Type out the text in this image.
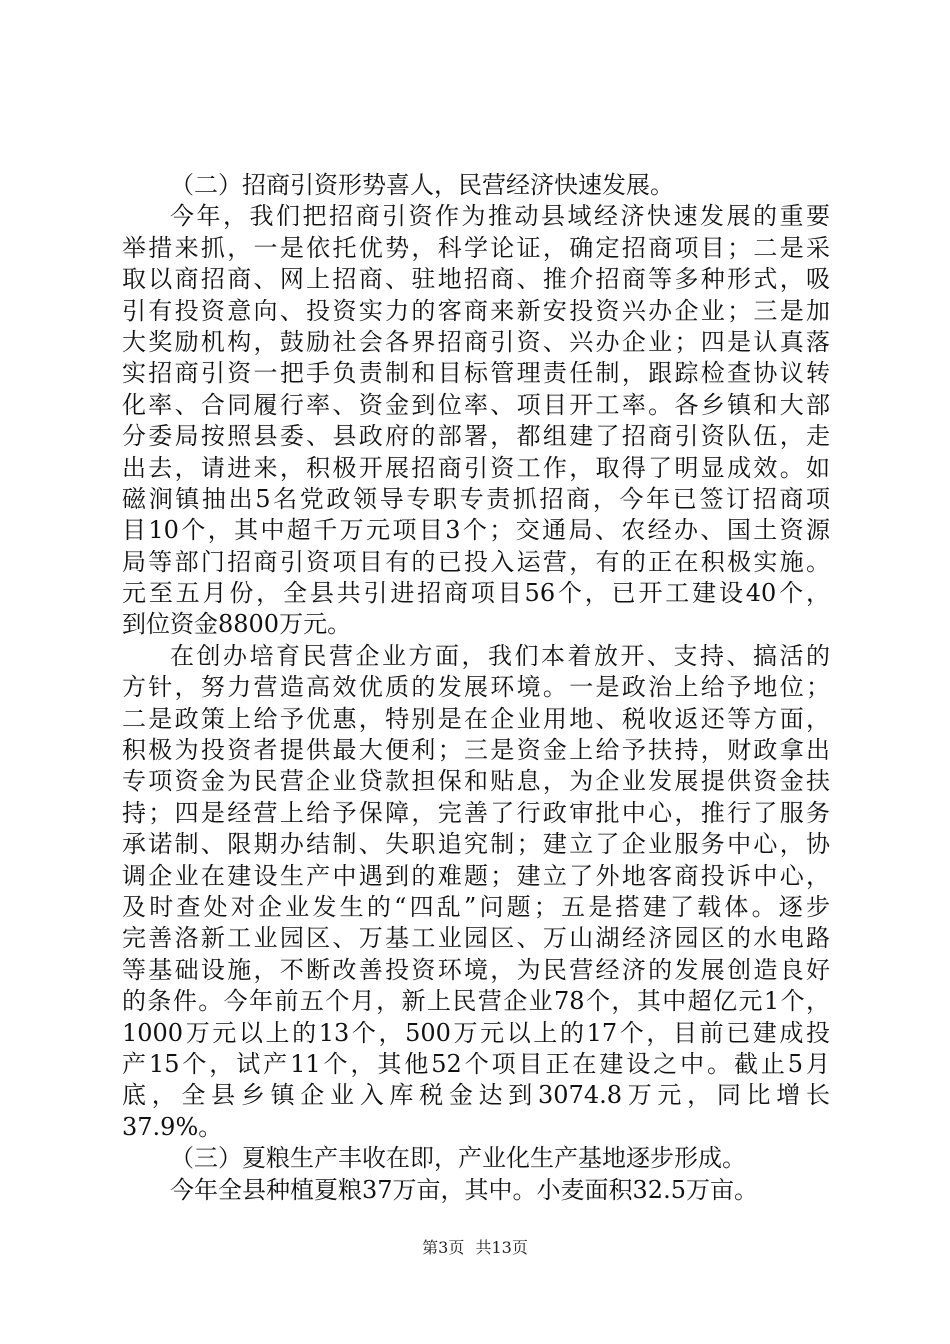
（二）招商引资形势喜人，民营经济快速发展。
今年，我们把招商引资作为推动县域经济快速发展的重要
举措来抓，一是依托优势，科学论证，确定招商项目；二是采
取以商招商、网上招商、驻地招商、推介招商等多种形式，吸
引有投资意向、投资实力的客商来新安投资兴办企业；三是加
大奖励机构，鼓励社会各界招商引资、兴办企业；四是认真落
实招商引资一把手负责制和目标管理责任制，跟踪检查协议转
化率、合同履行率、资金到位率、项目开工率。各乡镇和大部
分委局按照县委、县政府的部署，都组建了招商引资队伍，走
出去，请进来，积极开展招商引资工作，取得了明显成效。如
磁涧镇抽出5名党政领导专职专责抓招商，今年已签订招商项
目10个，其中超千万元项目3个；交通局、农经办、国土资源
局等部门招商引资项目有的已投入运营，有的正在积极实施。
元至五月份，全县共引进招商项目56个，已开工建设40个，
到位资金8800万元。
在创办培育民营企业方面，我们本着放开、支持、搞活的
方针，努力营造高效优质的发展环境。一是政治上给予地位；
二是政策上给予优惠，特别是在企业用地、税收返还等方面，
积极为投资者提供最大便利；三是资金上给予扶持，财政拿出
专项资金为民营企业贷款担保和贴息，为企业发展提供资金扶
持；四是经营上给予保障，完善了行政审批中心，推行了服务
承诺制、限期办结制、失职追究制；建立了企业服务中心，协
调企业在建设生产中遇到的难题；建立了外地客商投诉中心，
及时查处对企业发生的“四乱”问题；五是搭建了载体。逐步
完善洛新工业园区、万基工业园区、万山湖经济园区的水电路
等基础设施，不断改善投资环境，为民营经济的发展创造良好
的条件。今年前五个月，新上民营企业78个，其中超亿元1个，
1000万元以上的13个，500万元以上的17个，目前已建成投
产15个，试产11个，其他52个项目正在建设之中。截止5月
底，全县乡镇企业入库税金达到3074.8万元，同比增长
37.9%。
（三）夏粮生产丰收在即，产业化生产基地逐步形成。
今年全县种植夏粮37万亩，其中。小麦面积32.5万亩。
第3页 共13页
